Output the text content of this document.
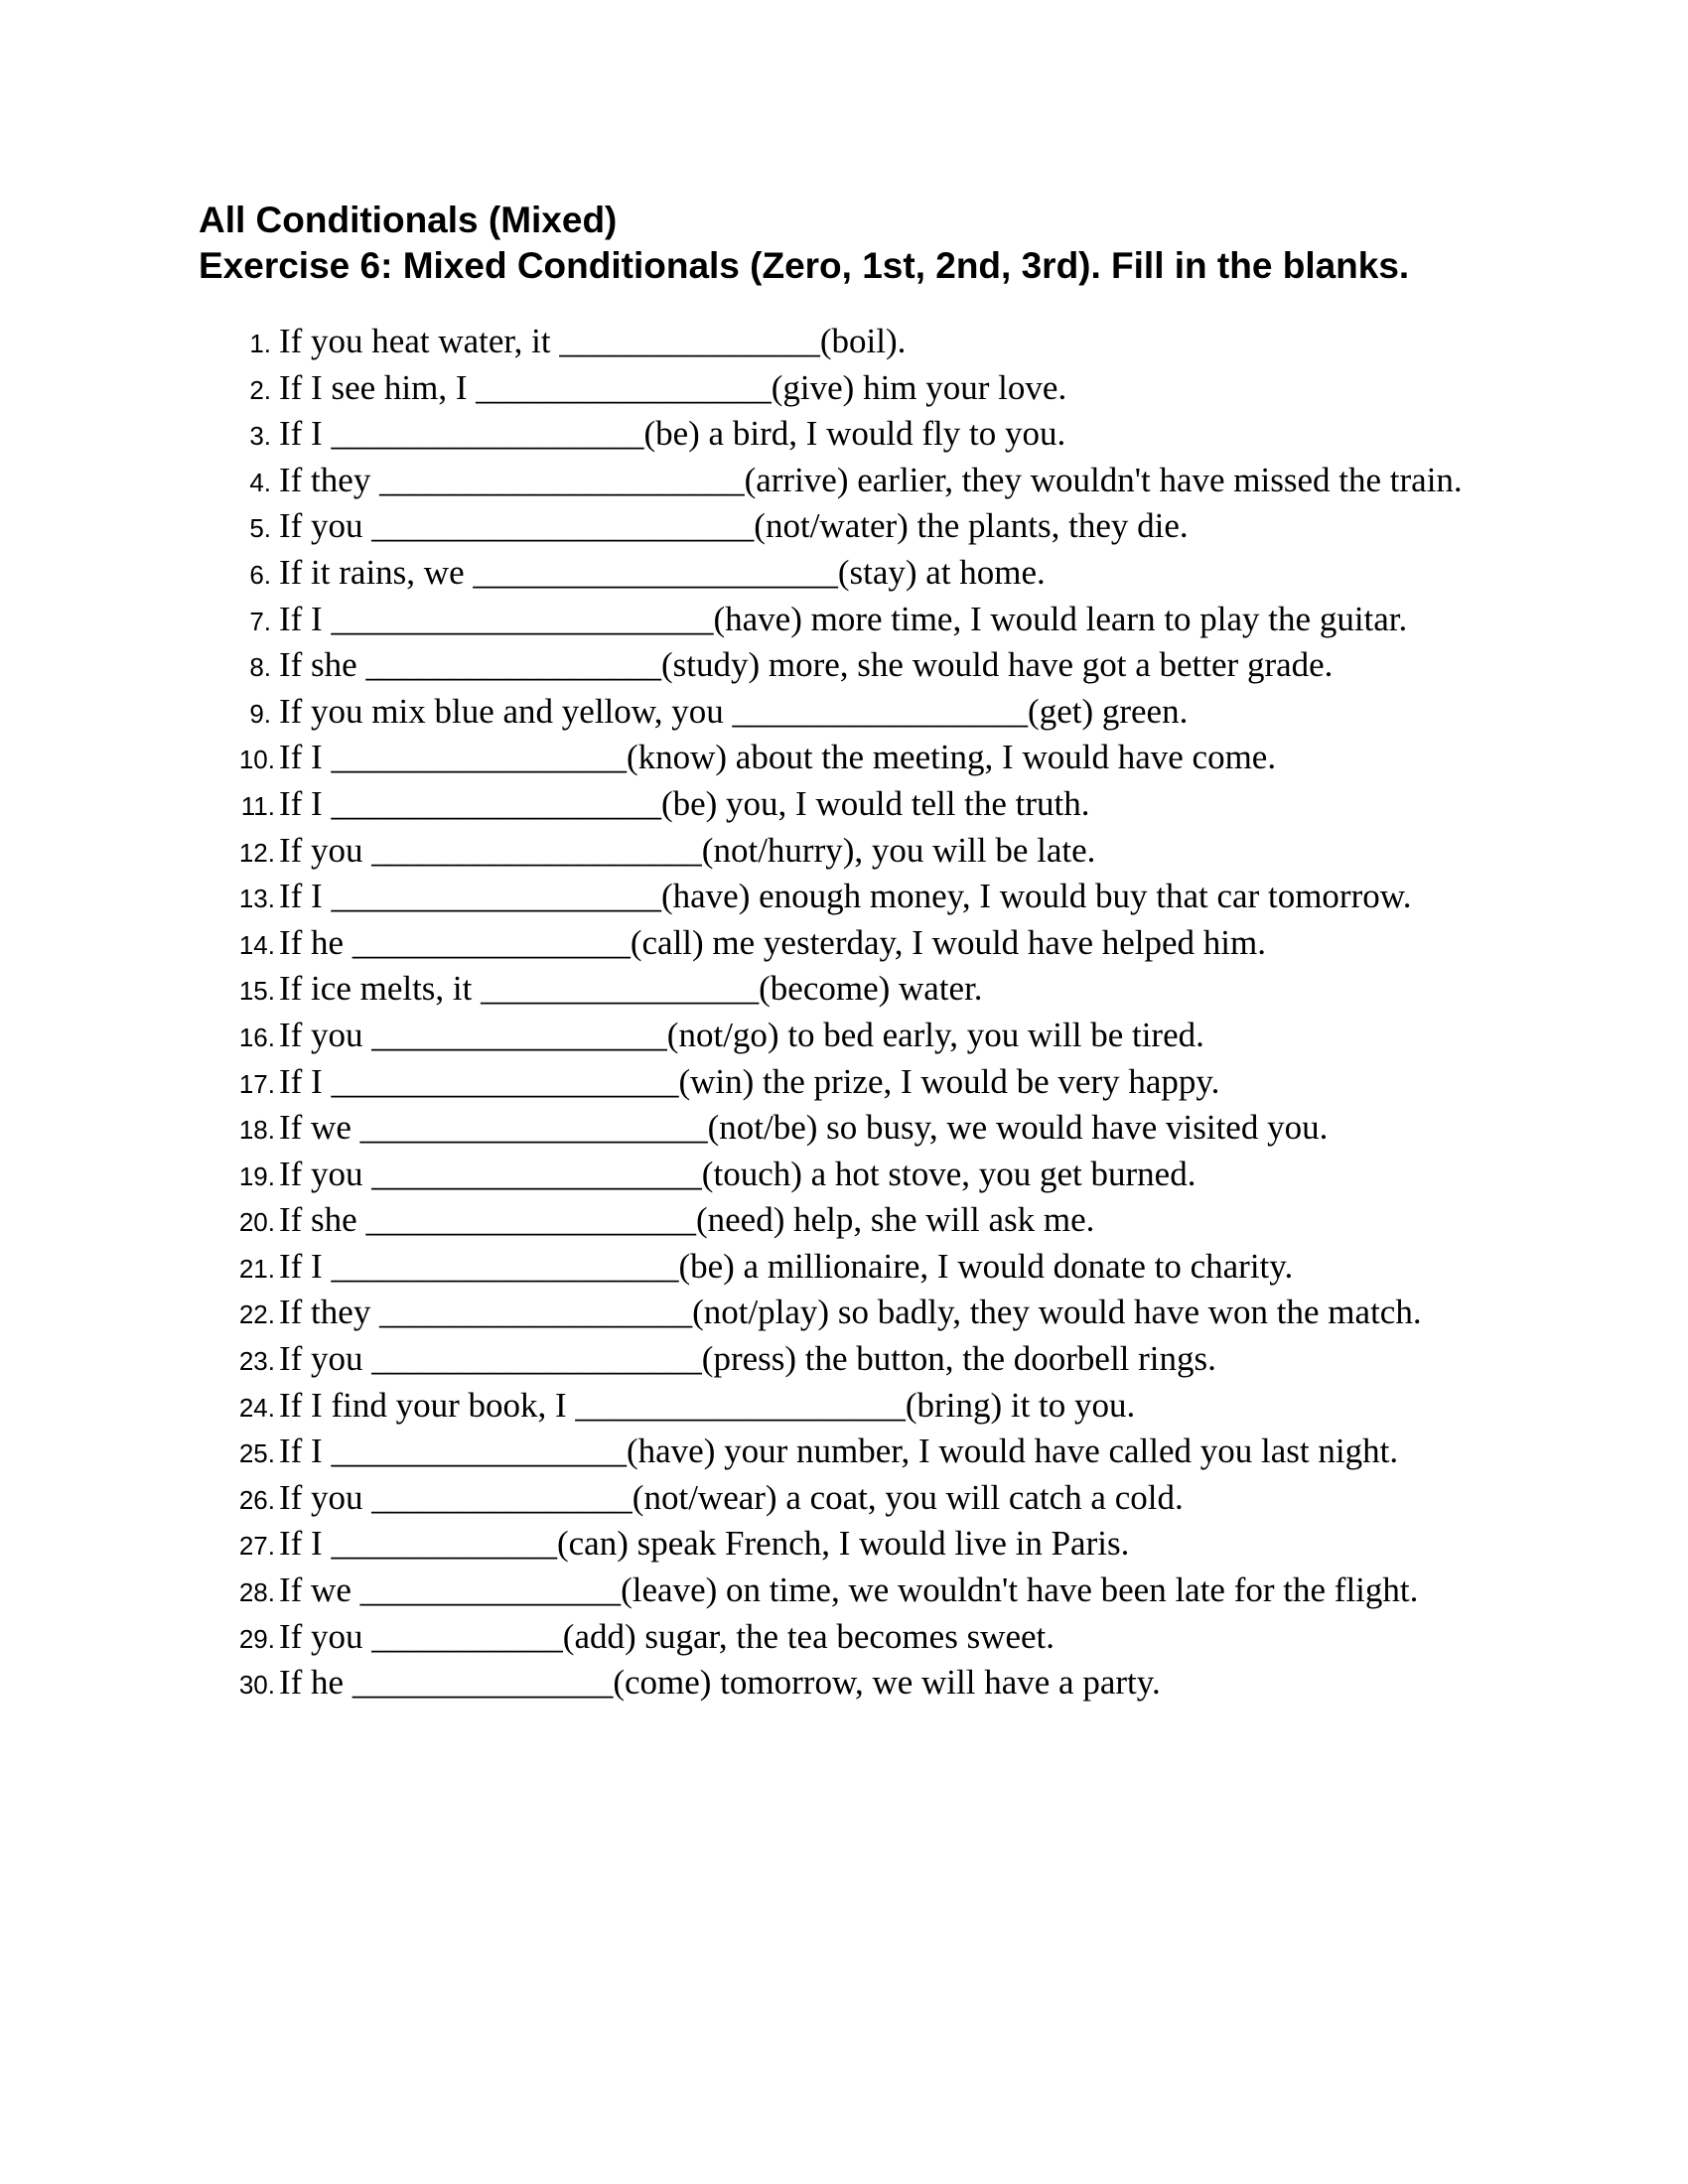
All Conditionals (Mixed)
Exercise 6: Mixed Conditionals (Zero, 1st, 2nd, 3rd). Fill in the blanks.
1. If you heat water, it _______________(boil).
2. If I see him, I _________________(give) him your love.
3. If I __________________(be) a bird, I would fly to you.
4. If they _____________________(arrive) earlier, they wouldn't have missed the train.
5. If you ______________________(not/water) the plants, they die.
6. If it rains, we _____________________(stay) at home.
7. If I ______________________(have) more time, I would learn to play the guitar.
8. If she _________________(study) more, she would have got a better grade.
9. If you mix blue and yellow, you _________________(get) green.
10. If I _________________(know) about the meeting, I would have come.
11. If I ___________________(be) you, I would tell the truth.
12. If you ___________________(not/hurry), you will be late.
13. If I ___________________(have) enough money, I would buy that car tomorrow.
14. If he ________________(call) me yesterday, I would have helped him.
15. If ice melts, it ________________(become) water.
16. If you _________________(not/go) to bed early, you will be tired.
17. If I ____________________(win) the prize, I would be very happy.
18. If we ____________________(not/be) so busy, we would have visited you.
19. If you ___________________(touch) a hot stove, you get burned.
20. If she ___________________(need) help, she will ask me.
21. If I ____________________(be) a millionaire, I would donate to charity.
22. If they __________________(not/play) so badly, they would have won the match.
23. If you ___________________(press) the button, the doorbell rings.
24. If I find your book, I ___________________(bring) it to you.
25. If I _________________(have) your number, I would have called you last night.
26. If you _______________(not/wear) a coat, you will catch a cold.
27. If I _____________(can) speak French, I would live in Paris.
28. If we _______________(leave) on time, we wouldn't have been late for the flight.
29. If you ___________(add) sugar, the tea becomes sweet.
30. If he _______________(come) tomorrow, we will have a party.
